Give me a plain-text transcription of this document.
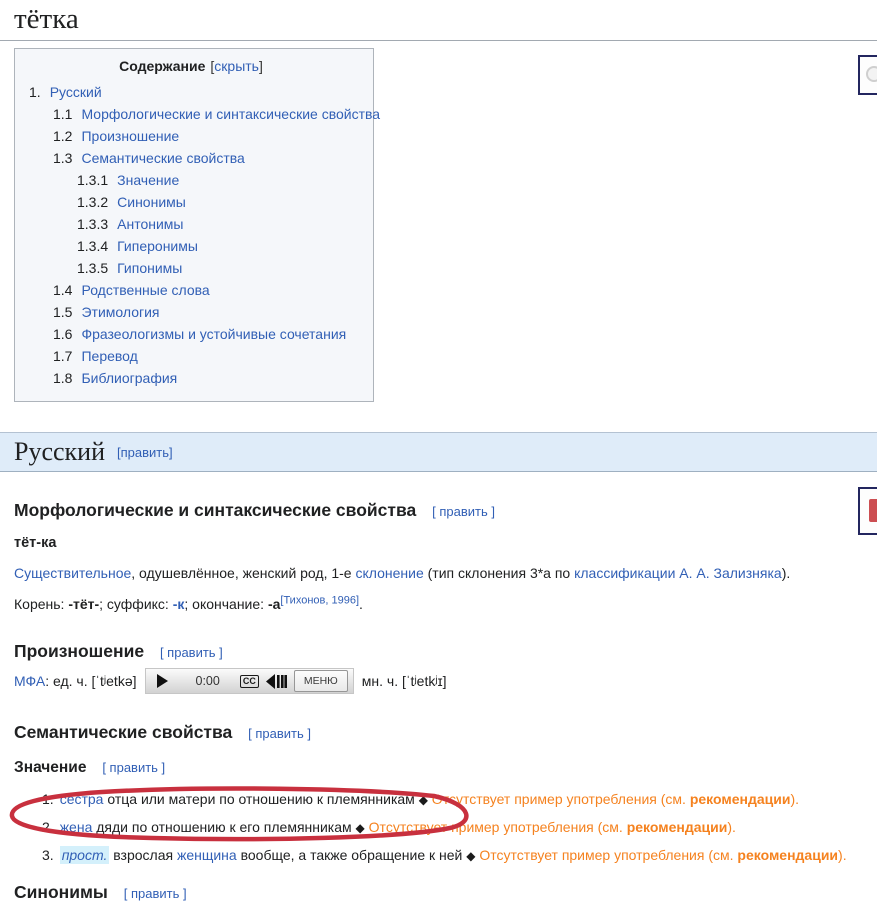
тётка
Содержание [скрыть]
1. Русский
1.1 Морфологические и синтаксические свойства
1.2 Произношение
1.3 Семантические свойства
1.3.1 Значение
1.3.2 Синонимы
1.3.3 Антонимы
1.3.4 Гиперонимы
1.3.5 Гипонимы
1.4 Родственные слова
1.5 Этимология
1.6 Фразеологизмы и устойчивые сочетания
1.7 Перевод
1.8 Библиография
Русский [править]
Морфологические и синтаксические свойства [ править ]
тёт-ка

Существительное, одушевлённое, женский род, 1-е склонение (тип склонения 3*а по классификации А. А. Зализняка).

Корень: -тёт-; суффикс: -к; окончание: -а[Тихонов, 1996].

Произношение [ править ]
МФА : ед. ч. [ˈtʲetkə]	0:00	CC	МЕНЮ	мн. ч. [ˈtʲetkʲɪ]
Семантические свойства [ править ]
Значение [ править ]
1. сестра отца или матери по отношению к племянникам ◆ Отсутствует пример употребления (см. рекомендации).
2. жена дяди по отношению к его племянникам ◆ Отсутствует пример употребления (см. рекомендации).
3. прост. взрослая женщина вообще, а также обращение к ней ◆ Отсутствует пример употребления (см. рекомендации).
Синонимы [ править ]
